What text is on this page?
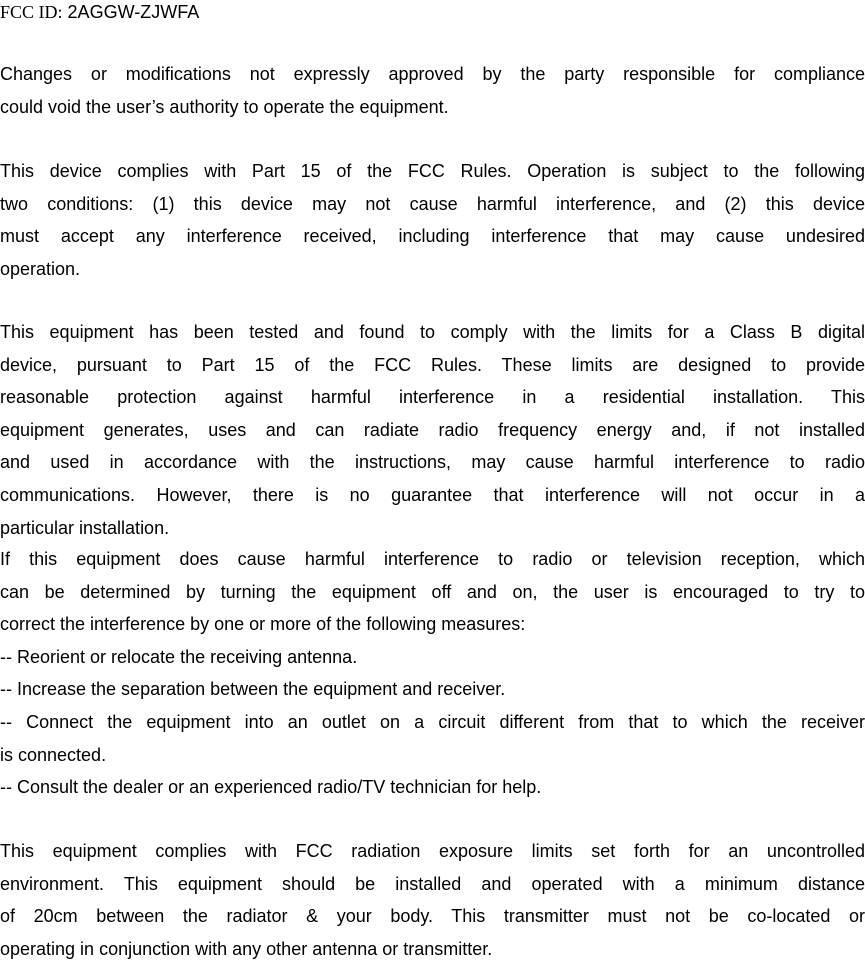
FCC ID: 2AGGW-ZJWFA
Changes or modifications not expressly approved by the party responsible for compliance
could void the user’s authority to operate the equipment.
This device complies with Part 15 of the FCC Rules. Operation is subject to the following
two conditions: (1) this device may not cause harmful interference, and (2) this device
must accept any interference received, including interference that may cause undesired
operation.
This equipment has been tested and found to comply with the limits for a Class B digital
device, pursuant to Part 15 of the FCC Rules. These limits are designed to provide
reasonable protection against harmful interference in a residential installation. This
equipment generates, uses and can radiate radio frequency energy and, if not installed
and used in accordance with the instructions, may cause harmful interference to radio
communications. However, there is no guarantee that interference will not occur in a
particular installation.
If this equipment does cause harmful interference to radio or television reception, which
can be determined by turning the equipment off and on, the user is encouraged to try to
correct the interference by one or more of the following measures:
-- Reorient or relocate the receiving antenna.
-- Increase the separation between the equipment and receiver.
-- Connect the equipment into an outlet on a circuit different from that to which the receiver
is connected.
-- Consult the dealer or an experienced radio/TV technician for help.
This equipment complies with FCC radiation exposure limits set forth for an uncontrolled
environment. This equipment should be installed and operated with a minimum distance
of 20cm between the radiator & your body. This transmitter must not be co-located or
operating in conjunction with any other antenna or transmitter.
